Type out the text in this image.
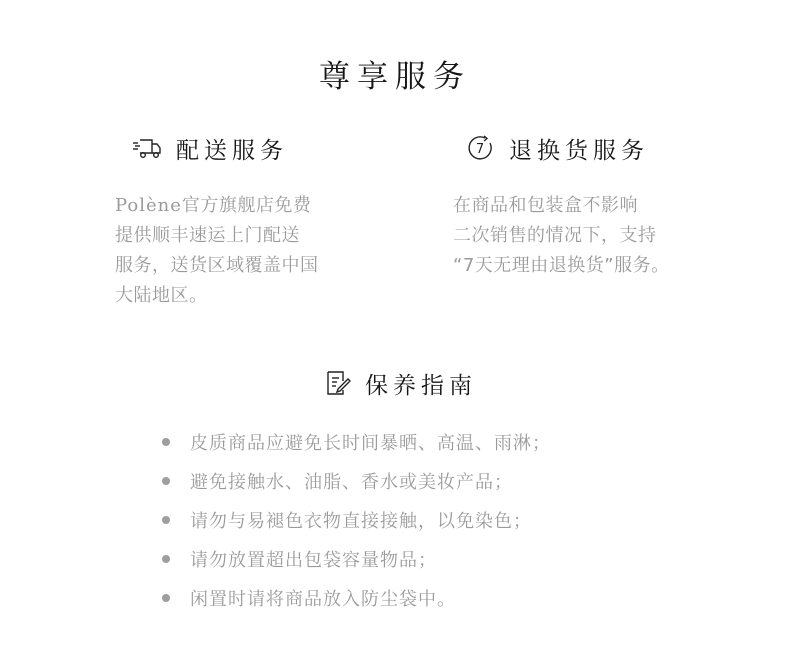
尊享服务
配送服务
Polène官方旗舰店免费
提供顺丰速运上门配送
服务，送货区域覆盖中国
大陆地区。
7 退换货服务
在商品和包装盒不影响
二次销售的情况下，支持
“7天无理由退换货”服务。
保养指南
皮质商品应避免长时间暴晒、高温、雨淋；
避免接触水、油脂、香水或美妆产品；
请勿与易褪色衣物直接接触，以免染色；
请勿放置超出包袋容量物品；
闲置时请将商品放入防尘袋中。
